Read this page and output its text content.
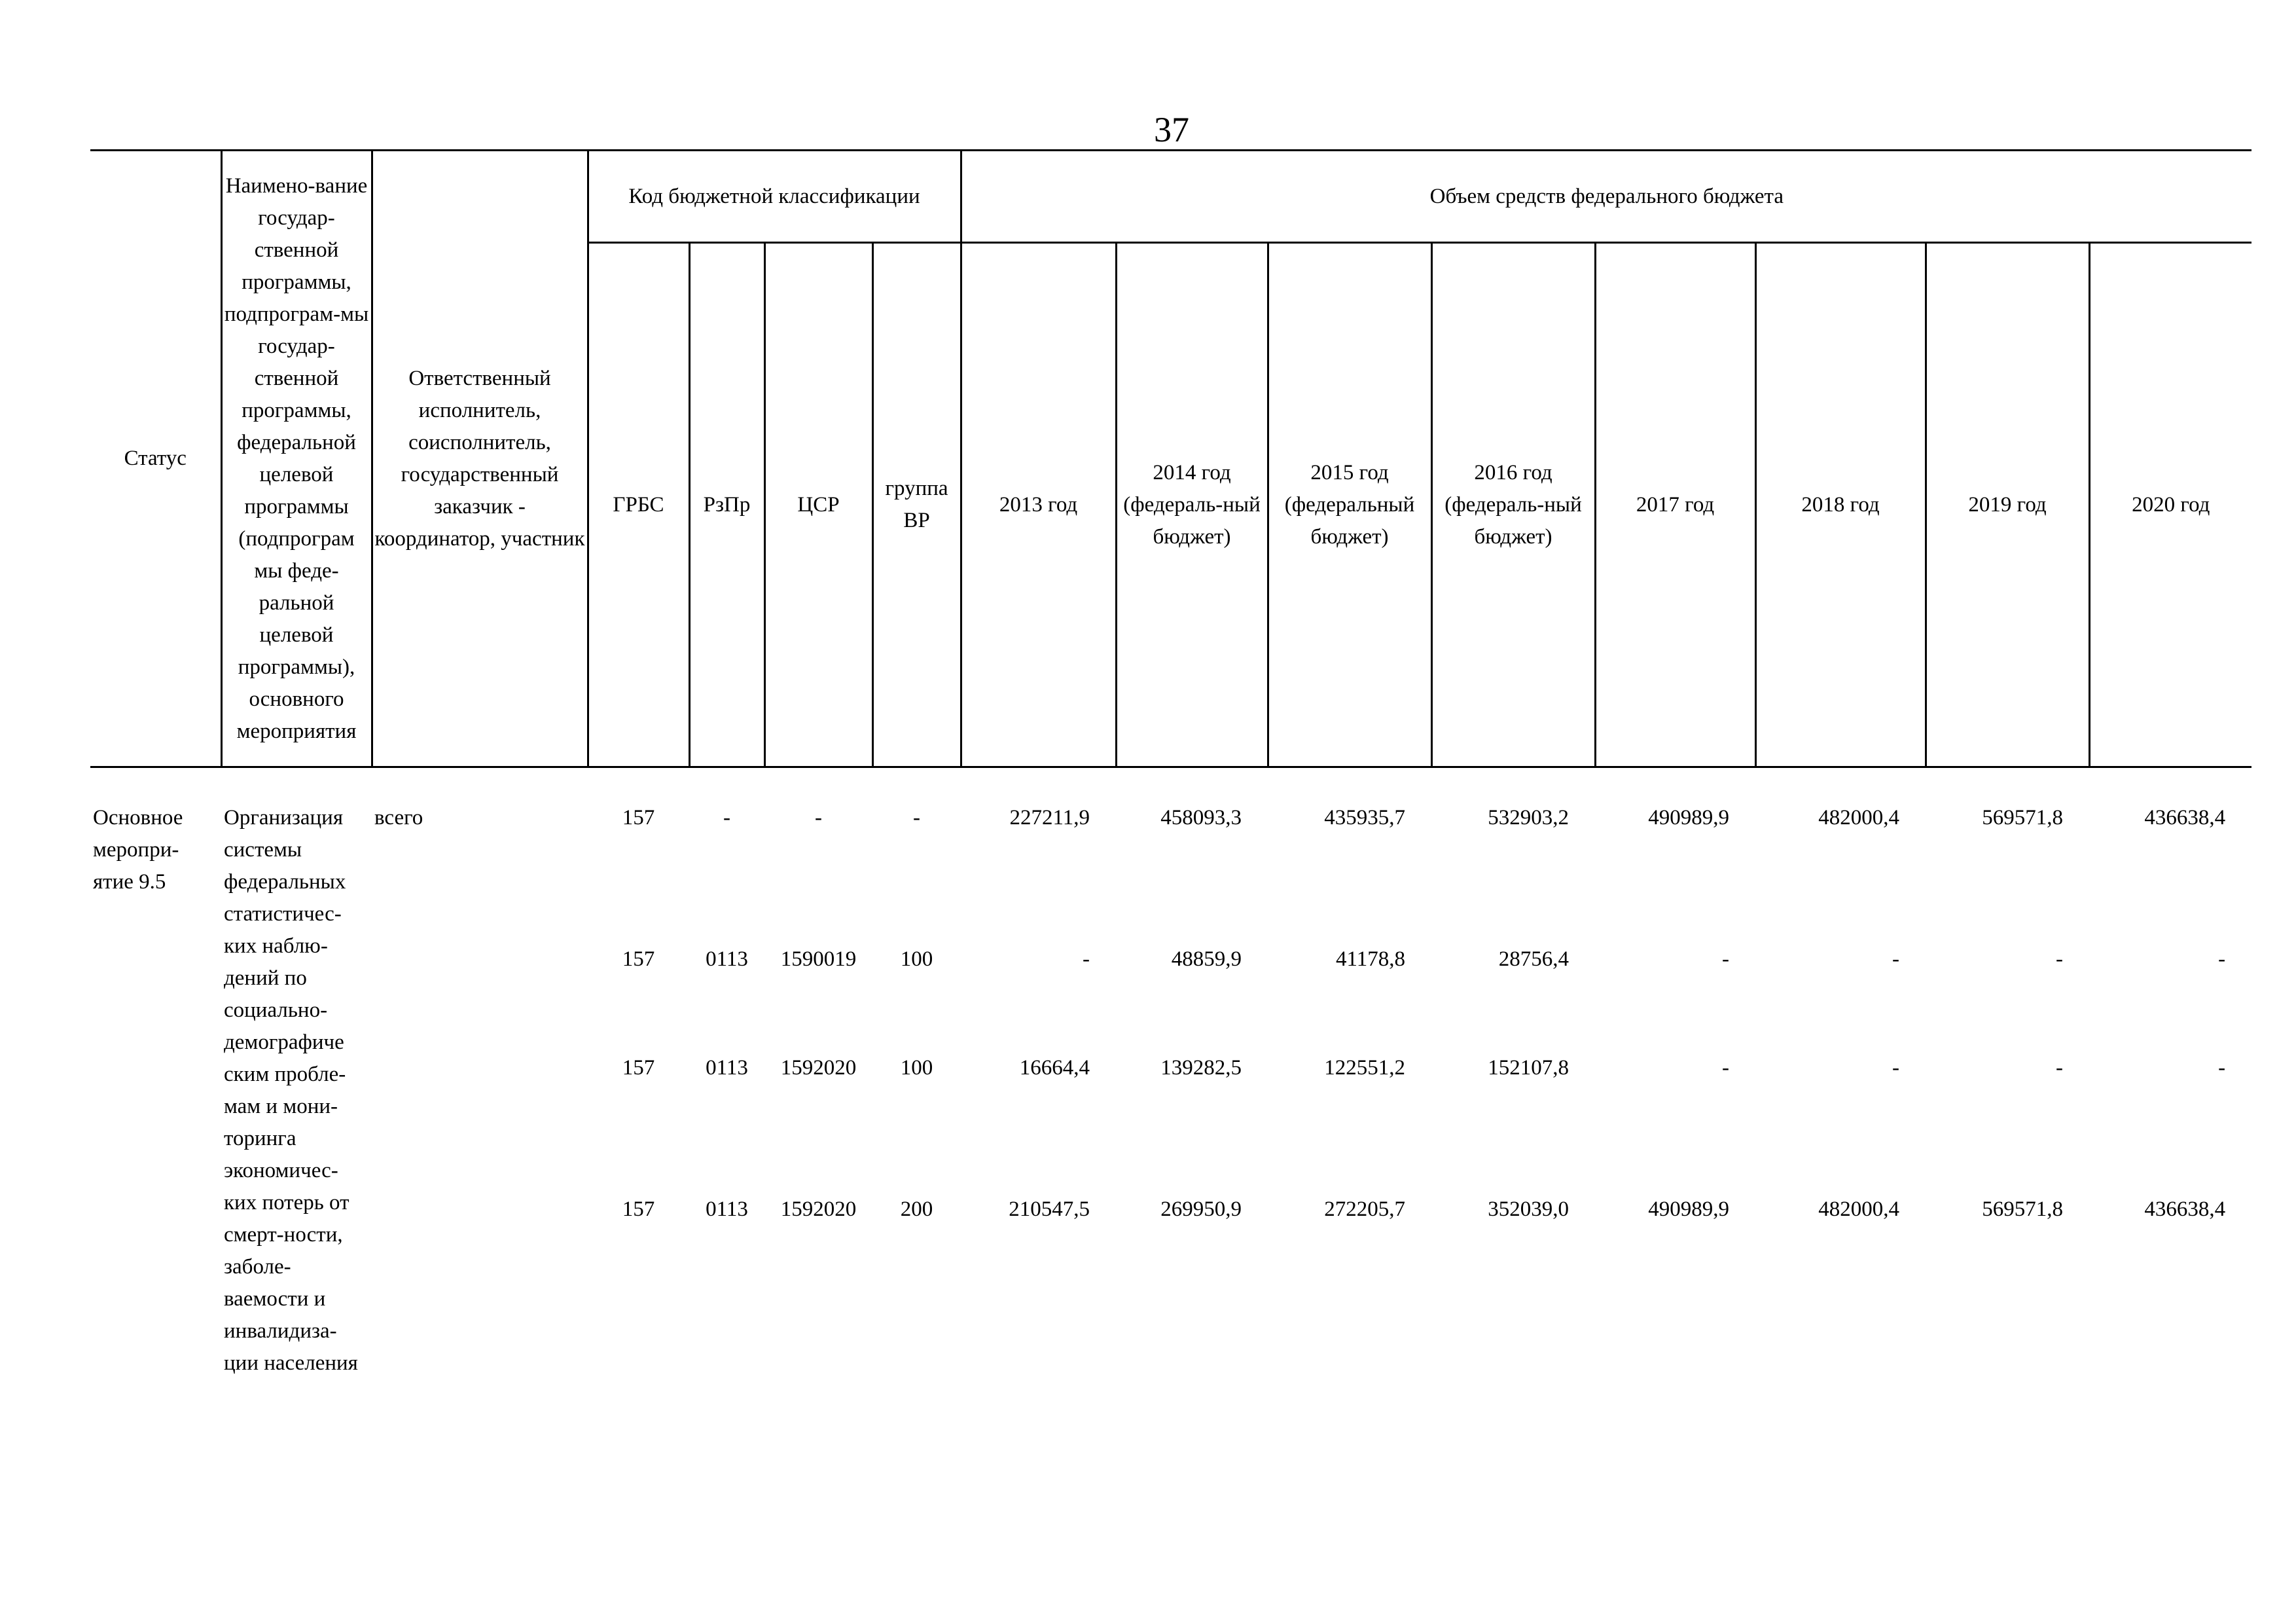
37
Статус	Наимено-вание государ-ственной программы, подпрограм-мы государ-ственной программы, федеральной целевой программы (подпрограм мы феде-ральной целевой программы), основного мероприятия	Ответственный исполнитель, соисполнитель, государственный заказчик - координатор, участник	Код бюджетной классификации				Объем средств федерального бюджета							
			ГРБС	РзПр	ЦСР	группа ВР	2013 год	2014 год (федераль-ный бюджет)	2015 год (федеральный бюджет)	2016 год (федераль-ный бюджет)	2017 год	2018 год	2019 год	2020 год

Основное меропри-ятие 9.5	Организация системы федеральных статистичес-ких наблю-дений по социально-демографиче ским пробле-мам и мони-торинга экономичес-ких потерь от смерт-ности, заболе-ваемости и инвалидиза-ции населения	всего	157	-	-	-	227211,9	458093,3	435935,7	532903,2	490989,9	482000,4	569571,8	436638,4

			157	0113	1590019	100	-	48859,9	41178,8	28756,4	-	-	-	-
			157	0113	1592020	100	16664,4	139282,5	122551,2	152107,8	-	-	-	-
			157	0113	1592020	200	210547,5	269950,9	272205,7	352039,0	490989,9	482000,4	569571,8	436638,4
